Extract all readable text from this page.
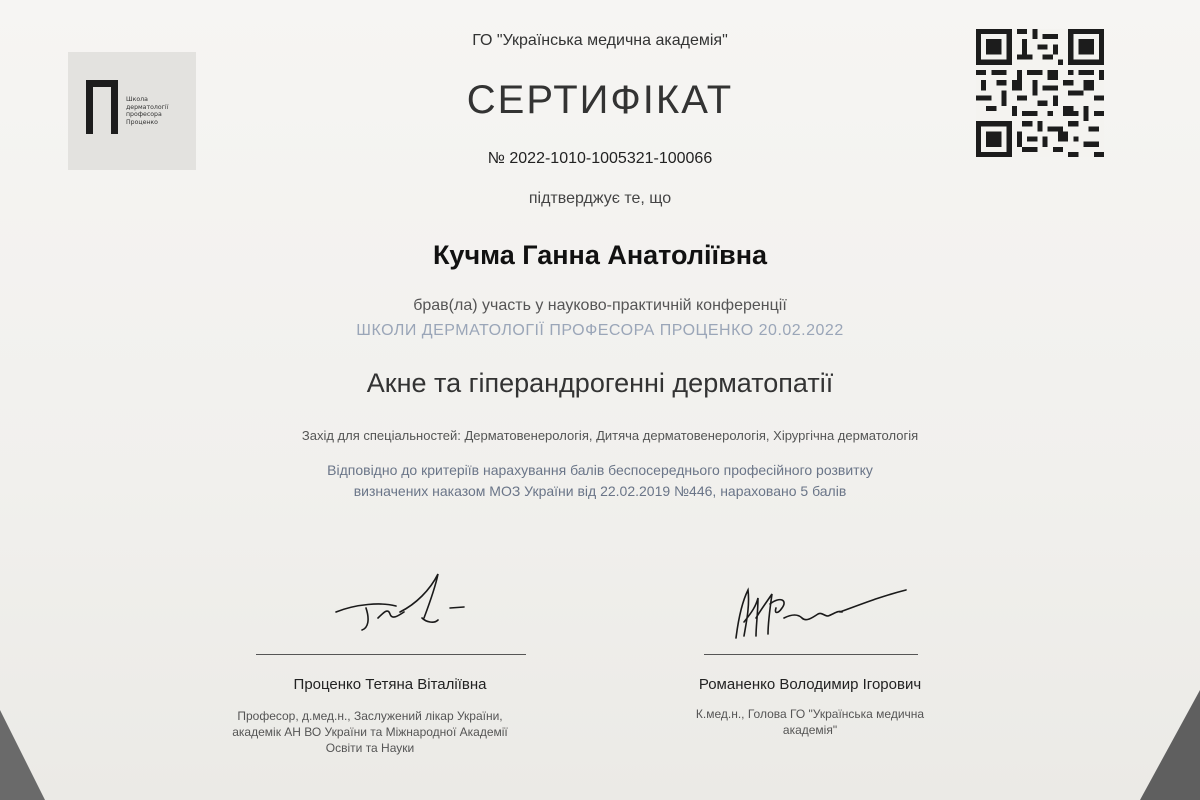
Школа
дерматології
професора
Проценко
ГО "Українська медична академія"
СЕРТИФІКАТ
№ 2022-1010-1005321-100066
підтверджує те, що
Кучма Ганна Анатоліївна
брав(ла) участь у науково-практичній конференції
ШКОЛИ ДЕРМАТОЛОГІЇ ПРОФЕСОРА ПРОЦЕНКО 20.02.2022
Акне та гіперандрогенні дерматопатії
Захід для спеціальностей: Дерматовенерологія, Дитяча дерматовенерологія, Хірургічна дерматологія
Відповідно до критеріїв нарахування балів беспосереднього професійного розвитку
визначених наказом МОЗ України від 22.02.2019 №446, нараховано 5 балів
Проценко Тетяна Віталіївна
Професор, д.мед.н., Заслужений лікар України,
академік АН ВО України та Міжнародної Академії
Освіти та Науки
Романенко Володимир Ігорович
К.мед.н., Голова ГО "Українська медична
академія"
